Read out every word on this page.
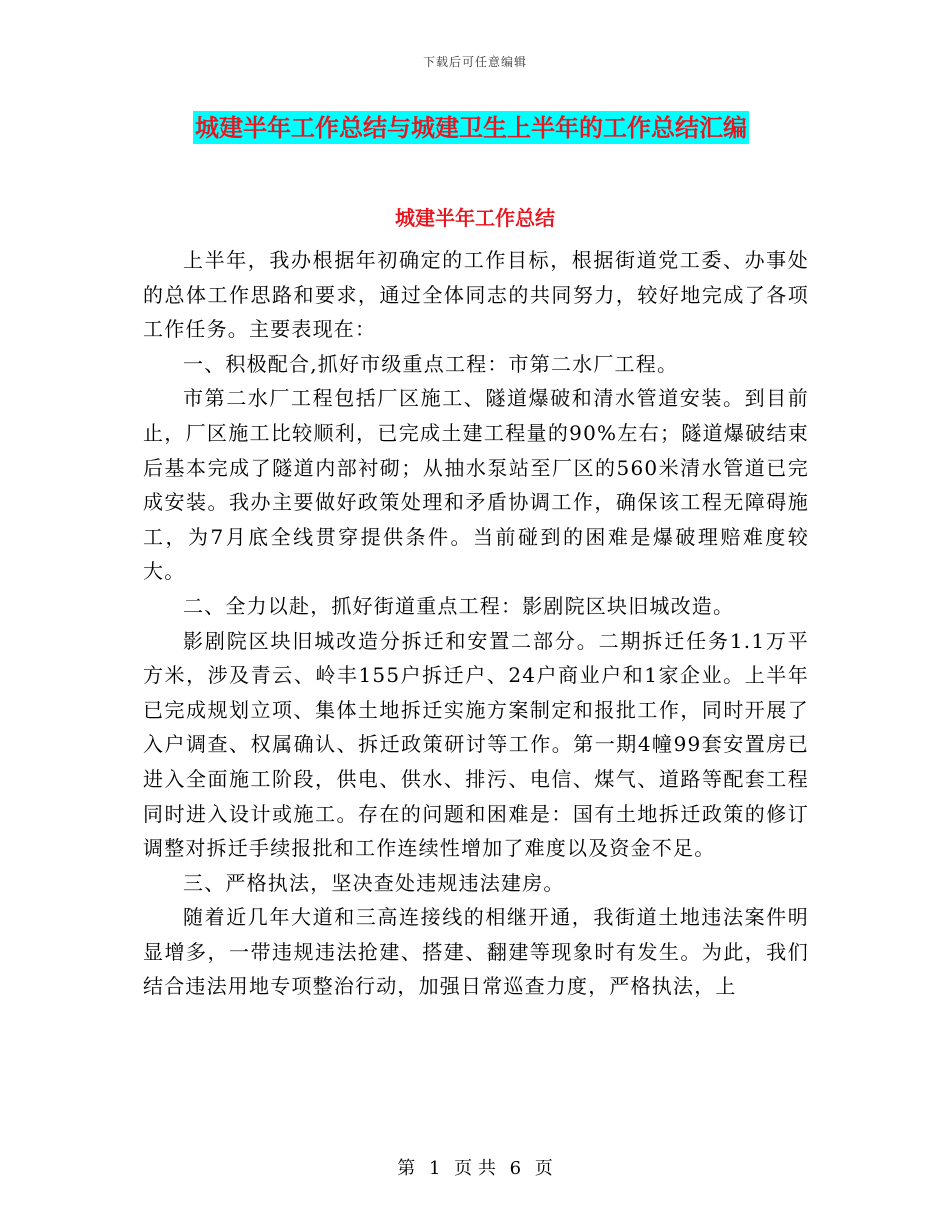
下载后可任意编辑
城建半年工作总结与城建卫生上半年的工作总结汇编
城建半年工作总结

上半年，我办根据年初确定的工作目标，根据街道党工委、办事处的总体工作思路和要求，通过全体同志的共同努力，较好地完成了各项工作任务。主要表现在：

一、积极配合,抓好市级重点工程：市第二水厂工程。

市第二水厂工程包括厂区施工、隧道爆破和清水管道安装。到目前止，厂区施工比较顺利，已完成土建工程量的90%左右；隧道爆破结束后基本完成了隧道内部衬砌；从抽水泵站至厂区的560米清水管道已完成安装。我办主要做好政策处理和矛盾协调工作，确保该工程无障碍施工，为7月底全线贯穿提供条件。当前碰到的困难是爆破理赔难度较大。

二、全力以赴，抓好街道重点工程：影剧院区块旧城改造。

影剧院区块旧城改造分拆迁和安置二部分。二期拆迁任务1.1万平方米，涉及青云、岭丰155户拆迁户、24户商业户和1家企业。上半年已完成规划立项、集体土地拆迁实施方案制定和报批工作，同时开展了入户调查、权属确认、拆迁政策研讨等工作。第一期4幢99套安置房已进入全面施工阶段，供电、供水、排污、电信、煤气、道路等配套工程同时进入设计或施工。存在的问题和困难是：国有土地拆迁政策的修订调整对拆迁手续报批和工作连续性增加了难度以及资金不足。

三、严格执法，坚决查处违规违法建房。

随着近几年大道和三高连接线的相继开通，我街道土地违法案件明显增多，一带违规违法抢建、搭建、翻建等现象时有发生。为此，我们结合违法用地专项整治行动，加强日常巡查力度，严格执法，上

第 1 页 共 6 页
